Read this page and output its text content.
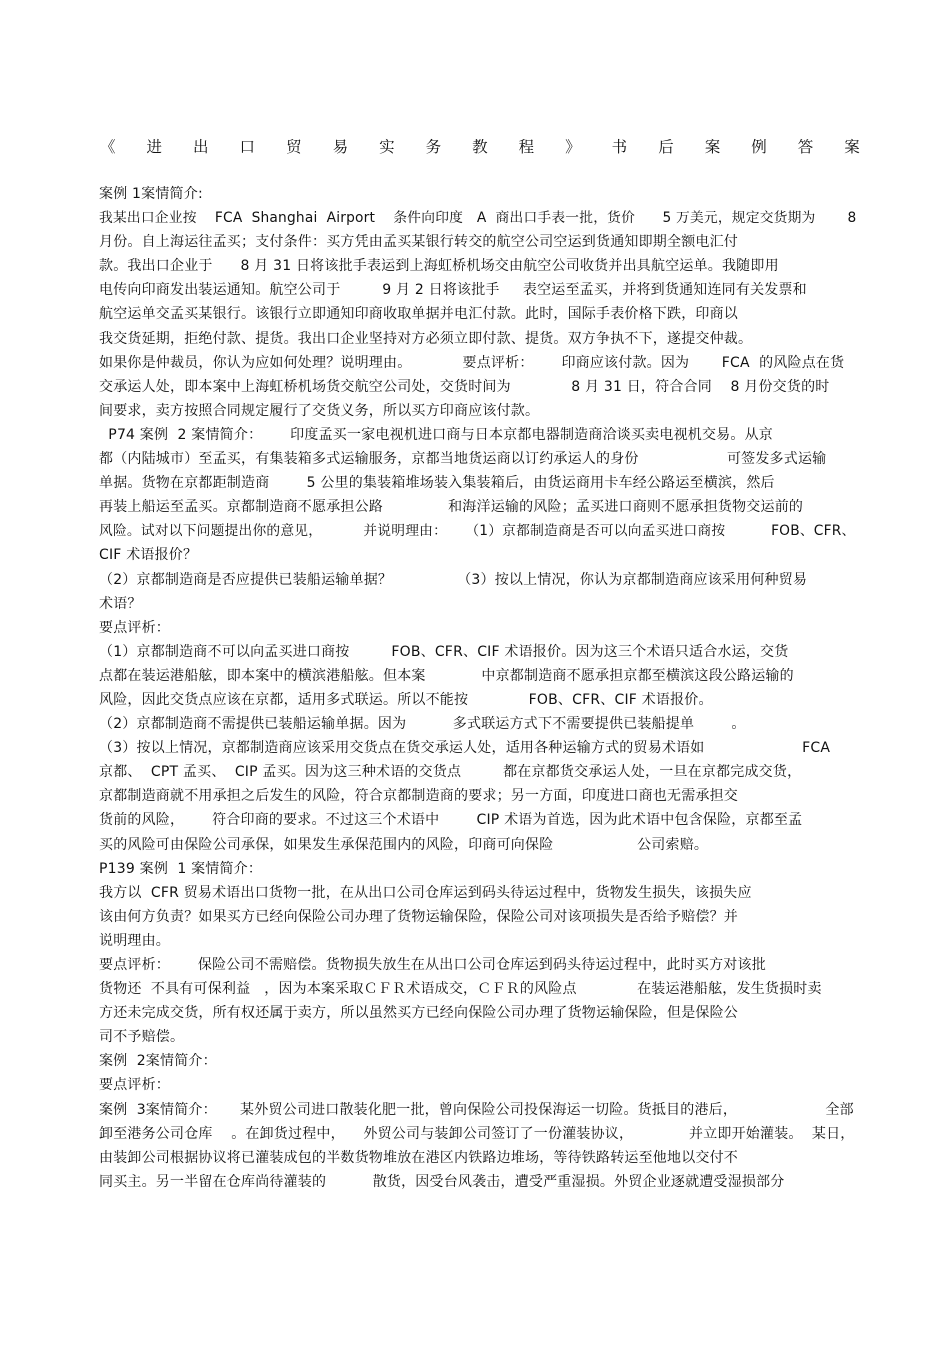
《 进 出 口 贸 易 实 务 教 程 》 书 后 案 例 答 案
案例 1案情简介:
我某出口企业按    FCA  Shanghai  Airport    条件向印度   A  商出口手表一批，货价      5 万美元，规定交货期为       8
月份。自上海运往孟买；支付条件：买方凭由孟买某银行转交的航空公司空运到货通知即期全额电汇付
款。我出口企业于      8 月 31 日将该批手表运到上海虹桥机场交由航空公司收货并出具航空运单。我随即用
电传向印商发出装运通知。航空公司于         9 月 2 日将该批手     表空运至孟买，并将到货通知连同有关发票和
航空运单交孟买某银行。该银行立即通知印商收取单据并电汇付款。此时，国际手表价格下跌，印商以
我交货延期，拒绝付款、提货。我出口企业坚持对方必须立即付款、提货。双方争执不下，遂提交仲裁。
如果你是仲裁员，你认为应如何处理？说明理由。           要点评析：      印商应该付款。因为       FCA  的风险点在货
交承运人处，即本案中上海虹桥机场货交航空公司处，交货时间为             8 月 31 日，符合合同    8 月份交货的时
间要求，卖方按照合同规定履行了交货义务，所以买方印商应该付款。
P74 案例  2 案情简介：      印度孟买一家电视机进口商与日本京都电器制造商洽谈买卖电视机交易。从京
都（内陆城市）至孟买，有集装箱多式运输服务，京都当地货运商以订约承运人的身份                   可签发多式运输
单据。货物在京都距制造商        5 公里的集装箱堆场装入集装箱后，由货运商用卡车经公路运至横滨，然后
再装上船运至孟买。京都制造商不愿承担公路              和海洋运输的风险；孟买进口商则不愿承担货物交运前的
风险。试对以下问题提出你的意见，         并说明理由：    （1）京都制造商是否可以向孟买进口商按          FOB、CFR、
CIF 术语报价？
（2）京都制造商是否应提供已装船运输单据？              （3）按以上情况，你认为京都制造商应该采用何种贸易
术语？
要点评析：
（1）京都制造商不可以向孟买进口商按         FOB、CFR、CIF 术语报价。因为这三个术语只适合水运，交货
点都在装运港船舷，即本案中的横滨港船舷。但本案            中京都制造商不愿承担京都至横滨这段公路运输的
风险，因此交货点应该在京都，适用多式联运。所以不能按             FOB、CFR、CIF 术语报价。
（2）京都制造商不需提供已装船运输单据。因为          多式联运方式下不需要提供已装船提单        。
（3）按以上情况，京都制造商应该采用交货点在货交承运人处，适用各种运输方式的贸易术语如                     FCA
京都、  CPT 孟买、  CIP 孟买。因为这三种术语的交货点         都在京都货交承运人处，一旦在京都完成交货，
京都制造商就不用承担之后发生的风险，符合京都制造商的要求；另一方面，印度进口商也无需承担交
货前的风险，      符合印商的要求。不过这三个术语中        CIP 术语为首选，因为此术语中包含保险，京都至孟
买的风险可由保险公司承保，如果发生承保范围内的风险，印商可向保险                  公司索赔。
P139 案例  1 案情简介：
我方以  CFR 贸易术语出口货物一批，在从出口公司仓库运到码头待运过程中，货物发生损失，该损失应
该由何方负责？如果买方已经向保险公司办理了货物运输保险，保险公司对该项损失是否给予赔偿？并
说明理由。
要点评析：      保险公司不需赔偿。货物损失放生在从出口公司仓库运到码头待运过程中，此时买方对该批
货物还  不具有可保利益   ，因为本案采取ＣＦＲ术语成交，ＣＦＲ的风险点             在装运港船舷，发生货损时卖
方还未完成交货，所有权还属于卖方，所以虽然买方已经向保险公司办理了货物运输保险，但是保险公
司不予赔偿。
案例  2案情简介：
要点评析：
案例  3案情简介：     某外贸公司进口散装化肥一批，曾向保险公司投保海运一切险。货抵目的港后，                   全部
卸至港务公司仓库    。在卸货过程中，    外贸公司与装卸公司签订了一份灌装协议，            并立即开始灌装。  某日，
由装卸公司根据协议将已灌装成包的半数货物堆放在港区内铁路边堆场，等待铁路转运至他地以交付不
同买主。另一半留在仓库尚待灌装的          散货，因受台风袭击，遭受严重湿损。外贸企业逐就遭受湿损部分
